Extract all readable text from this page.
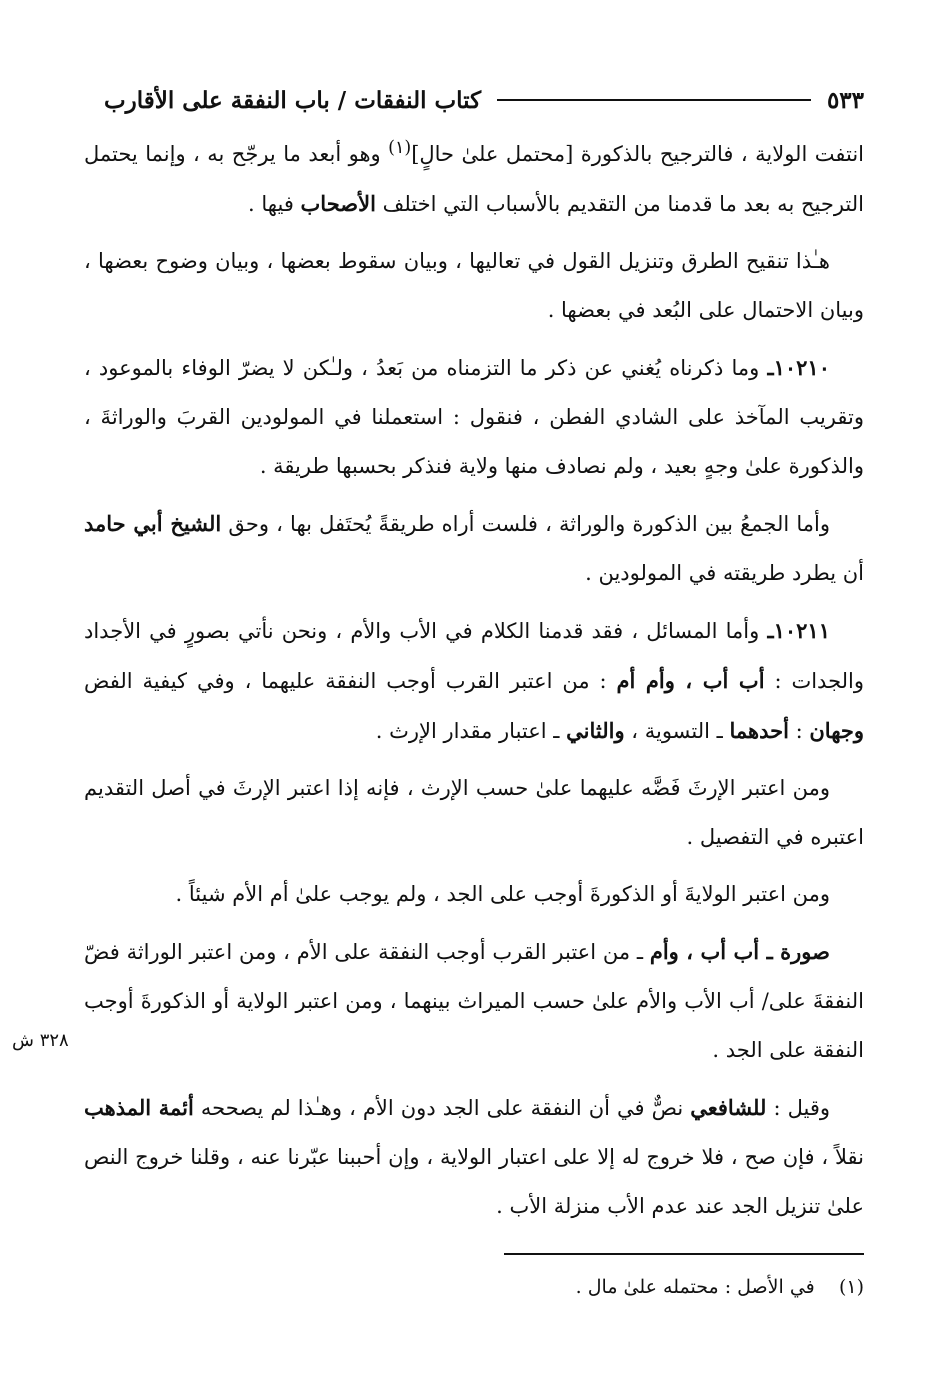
كتاب النفقات / باب النفقة على الأقارب	٥٣٣

انتفت الولاية ، فالترجيح بالذكورة [محتمل علىٰ حالٍ]$^{(١)}$ وهو أبعد ما يرجّح به ، وإنما يحتمل الترجيح به بعد ما قدمنا من التقديم بالأسباب التي اختلف الأصحاب فيها .

هـٰذا تنقيح الطرق وتنزيل القول في تعاليها ، وبيان سقوط بعضها ، وبيان وضوح بعضها ، وبيان الاحتمال على البُعد في بعضها .

١٠٢١٠ـ وما ذكرناه يُغني عن ذكر ما التزمناه من بَعدُ ، ولـٰكن لا يضرّ الوفاء بالموعود ، وتقريب المآخذ على الشادي الفطن ، فنقول : استعملنا في المولودين القربَ والوراثةَ ، والذكورة علىٰ وجهٍ بعيد ، ولم نصادف منها ولاية فنذكر بحسبها طريقة .

وأما الجمعُ بين الذكورة والوراثة ، فلست أراه طريقةً يُحتَفل بها ، وحق الشيخ أبي حامد أن يطرد طريقته في المولودين .

١٠٢١١ـ وأما المسائل ، فقد قدمنا الكلام في الأب والأم ، ونحن نأتي بصورٍ في الأجداد والجدات : أب أب ، وأم أم : من اعتبر القرب أوجب النفقة عليهما ، وفي كيفية الفض وجهان : أحدهما ـ التسوية ، والثاني ـ اعتبار مقدار الإرث .

ومن اعتبر الإرثَ فَضَّه عليهما علىٰ حسب الإرث ، فإنه إذا اعتبر الإرثَ في أصل التقديم اعتبره في التفصيل .

ومن اعتبر الولايةَ أو الذكورةَ أوجب على الجد ، ولم يوجب علىٰ أم الأم شيئاً .

صورة ـ أب أب ، وأم ـ من اعتبر القرب أوجب النفقة على الأم ، ومن اعتبر الوراثة فضّ النفقةَ على/ أب الأب والأم علىٰ حسب الميراث بينهما ، ومن اعتبر الولاية أو الذكورةَ أوجب النفقة على الجد .

وقيل : للشافعي نصٌّ في أن النفقة على الجد دون الأم ، وهـٰذا لم يصححه أئمة المذهب نقلاً ، فإن صح ، فلا خروج له إلا على اعتبار الولاية ، وإن أحببنا عبّرنا عنه ، وقلنا خروج النص علىٰ تنزيل الجد عند عدم الأب منزلة الأب .

٣٢٨ ش
(١)    في الأصل : محتمله علىٰ مال .
